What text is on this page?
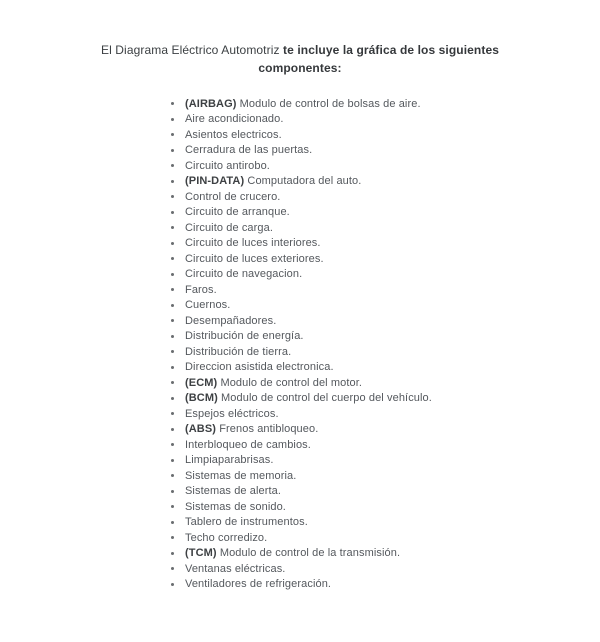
El Diagrama Eléctrico Automotriz te incluye la gráfica de los siguientes
componentes:
(AIRBAG) Modulo de control de bolsas de aire.
Aire acondicionado.
Asientos electricos.
Cerradura de las puertas.
Circuito antirobo.
(PIN-DATA) Computadora del auto.
Control de crucero.
Circuito de arranque.
Circuito de carga.
Circuito de luces interiores.
Circuito de luces exteriores.
Circuito de navegacion.
Faros.
Cuernos.
Desempañadores.
Distribución de energía.
Distribución de tierra.
Direccion asistida electronica.
(ECM) Modulo de control del motor.
(BCM) Modulo de control del cuerpo del vehículo.
Espejos eléctricos.
(ABS) Frenos antibloqueo.
Interbloqueo de cambios.
Limpiaparabrisas.
Sistemas de memoria.
Sistemas de alerta.
Sistemas de sonido.
Tablero de instrumentos.
Techo corredizo.
(TCM) Modulo de control de la transmisión.
Ventanas eléctricas.
Ventiladores de refrigeración.
